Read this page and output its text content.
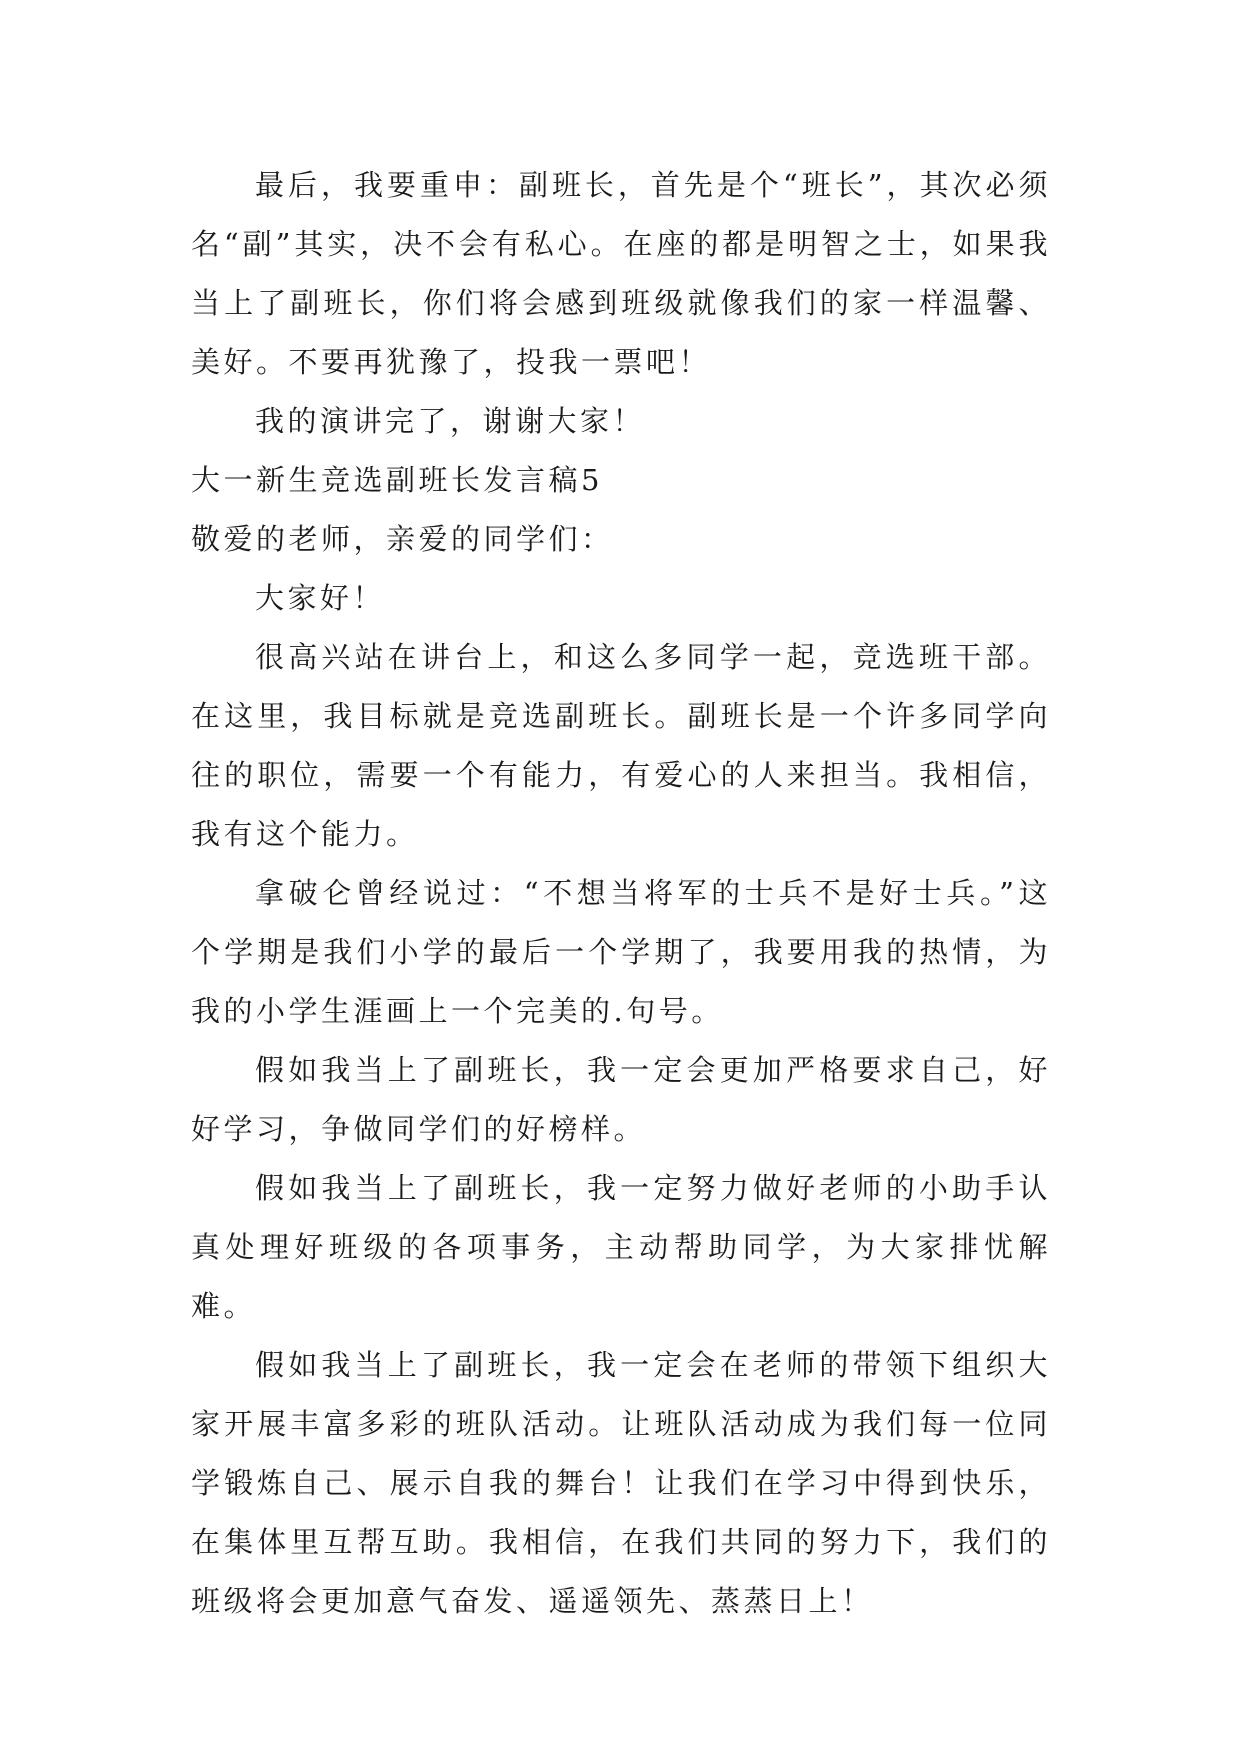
最后，我要重申：副班长，首先是个“班长”，其次必须名“副”其实，决不会有私心。在座的都是明智之士，如果我当上了副班长，你们将会感到班级就像我们的家一样温馨、美好。不要再犹豫了，投我一票吧！

我的演讲完了，谢谢大家！

大一新生竞选副班长发言稿5

敬爱的老师，亲爱的同学们：

大家好！

很高兴站在讲台上，和这么多同学一起，竞选班干部。在这里，我目标就是竞选副班长。副班长是一个许多同学向往的职位，需要一个有能力，有爱心的人来担当。我相信，我有这个能力。

拿破仑曾经说过：“不想当将军的士兵不是好士兵。”这个学期是我们小学的最后一个学期了，我要用我的热情，为我的小学生涯画上一个完美的.句号。

假如我当上了副班长，我一定会更加严格要求自己，好好学习，争做同学们的好榜样。

假如我当上了副班长，我一定努力做好老师的小助手认真处理好班级的各项事务，主动帮助同学，为大家排忧解难。

假如我当上了副班长，我一定会在老师的带领下组织大家开展丰富多彩的班队活动。让班队活动成为我们每一位同学锻炼自己、展示自我的舞台！让我们在学习中得到快乐，在集体里互帮互助。我相信，在我们共同的努力下，我们的班级将会更加意气奋发、遥遥领先、蒸蒸日上！
